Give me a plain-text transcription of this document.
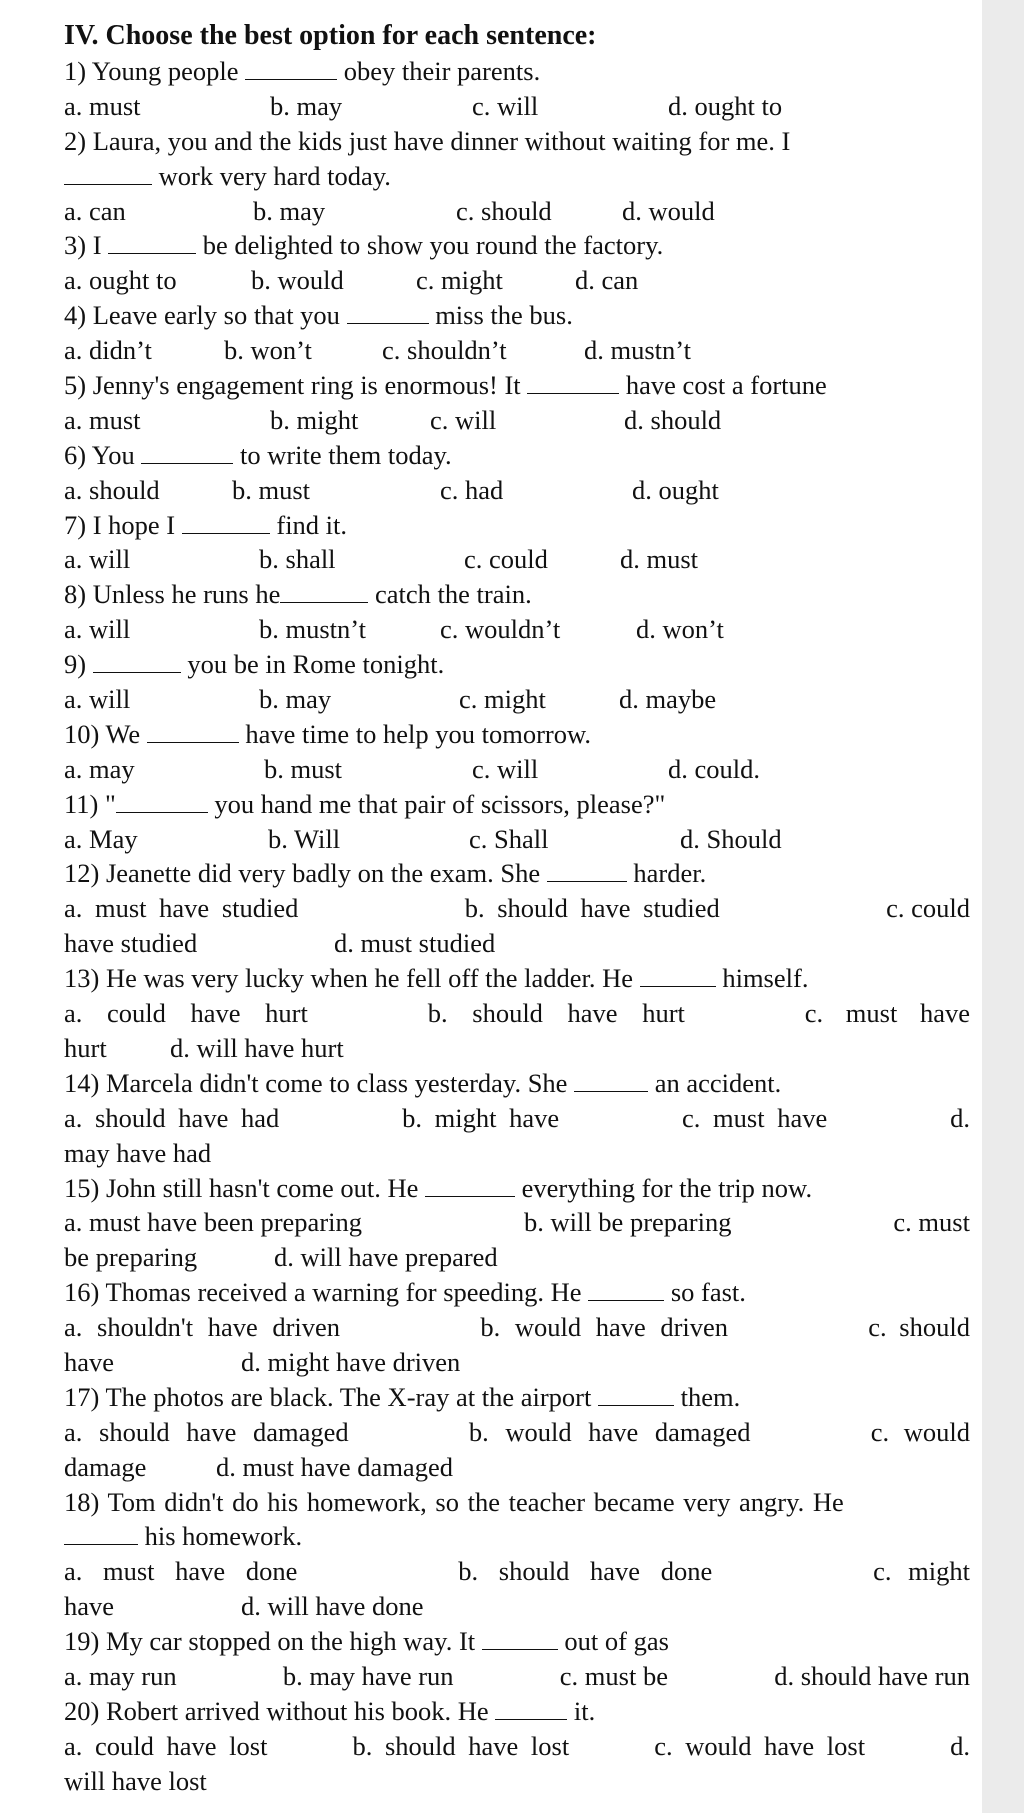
IV. Choose the best option for each sentence:
1) Young people	obey their parents.
a. must	b. may	c. will	d. ought to
2) Laura, you and the kids just have dinner without waiting for me. I
work very hard today.
a. can	b. may	c. should	d. would
3) I	be delighted to show you round the factory.
a. ought to	b. would	c. might	d. can
4) Leave early so that you	miss the bus.
a. didn’t	b. won’t	c. shouldn’t	d. mustn’t
5) Jenny's engagement ring is enormous! It	have cost a fortune
a. must	b. might	c. will	d. should
6) You	to write them today.
a. should	b. must	c. had	d. ought
7) I hope I	find it.
a. will	b. shall	c. could	d. must
8) Unless he runs he	catch the train.
a. will	b. mustn’t	c. wouldn’t	d. won’t
9)	you be in Rome tonight.
a. will	b. may	c. might	d. maybe
10) We	have time to help you tomorrow.
a. may	b. must	c. will	d. could.
11) "	you hand me that pair of scissors, please?"
a. May	b. Will	c. Shall	d. Should
12) Jeanette did very badly on the exam. She	harder.
a. must have studied	b. should have studied	c. could
have studied	d. must studied
13) He was very lucky when he fell off the ladder. He	himself.
a. could have hurt	b. should have hurt	c. must have
hurt d. will have hurt
14) Marcela didn't come to class yesterday. She	an accident.
a. should have had	b. might have	c. must have	d.
may have had
15) John still hasn't come out. He	everything for the trip now.
a. must have been preparing	b. will be preparing	c. must
be preparing	d. will have prepared
16) Thomas received a warning for speeding. He	so fast.
a. shouldn't have driven	b. would have driven	c. should
have	d. might have driven
17) The photos are black. The X-ray at the airport	them.
a. should have damaged	b. would have damaged	c. would
damage	d. must have damaged
18) Tom didn't do his homework, so the teacher became very angry. He
his homework.
a. must have done	b. should have done	c. might
have	d. will have done
19) My car stopped on the high way. It	out of gas
a. may run	b. may have run	c. must be	d. should have run
20) Robert arrived without his book. He	it.
a. could have lost	b. should have lost	c. would have lost	d.
will have lost
